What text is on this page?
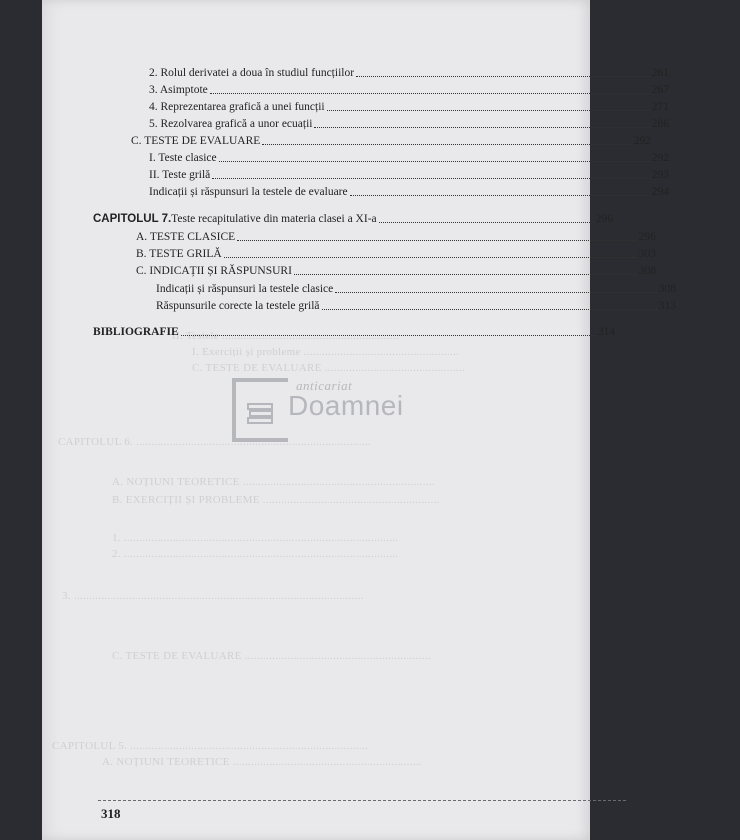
II. Testele ..........................................................
I. Exerciții și probleme ...................................................
C. TESTE DE EVALUARE ..............................................
CAPITOLUL 6. .............................................................................
A. NOȚIUNI TEORETICE ...............................................................
B. EXERCIȚII ȘI PROBLEME ..........................................................
1. ..........................................................................................
2. ..........................................................................................
3. ...............................................................................................
C. TESTE DE EVALUARE .............................................................
CAPITOLUL 5. ..............................................................................
A. NOȚIUNI TEORETICE ..............................................................
2. Rolul derivatei a doua în studiul funcțiilor	261
3. Asimptote	267
4. Reprezentarea grafică a unei funcții	271
5. Rezolvarea grafică a unor ecuații	286
C. TESTE DE EVALUARE	292
I. Teste clasice	292
II. Teste grilă	293
Indicații și răspunsuri la testele de evaluare	294
CAPITOLUL 7. Teste recapitulative din materia clasei a XI-a	296
A. TESTE CLASICE	296
B. TESTE GRILĂ	303
C. INDICAȚII ȘI RĂSPUNSURI	308
Indicații și răspunsuri la testele clasice	308
Răspunsurile corecte la testele grilă	313
BIBLIOGRAFIE	314
anticariat
Doamnei
318
